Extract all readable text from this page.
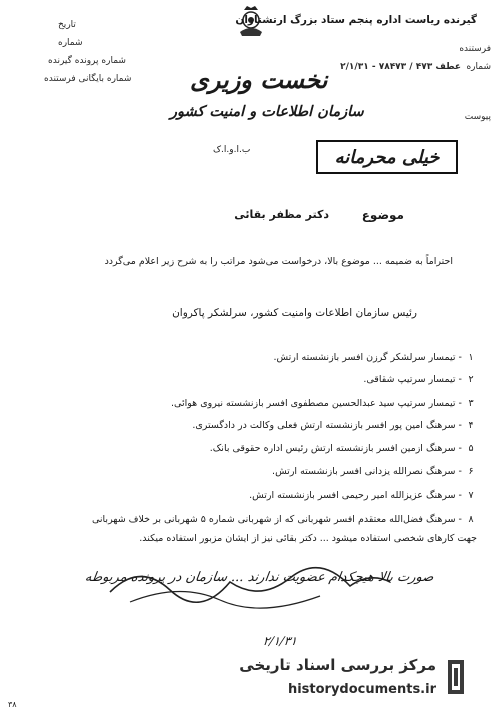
گیرنده ریاست اداره پنجم ستاد بزرگ ارتشتاران
تاریخ
شماره
شماره پرونده گیرنده
شماره بایگانی فرستنده
فرستنده
شماره
پیوست
عطف ۴۷۳ / ۷۸۴۷۳ - ۲/۱/۳۱
نخست وزیری
سازمان اطلاعات و امنیت کشور
ب.ا.و.ا.ک	خیلی محرمانه
موضوع
دکتر مظفر بقائی
احتراماً به ضمیمه ... موضوع بالا، درخواست می‌شود مراتب را به شرح زیر اعلام می‌گردد
رئیس سازمان اطلاعات وامنیت کشور، سرلشکر پاکروان
۱ - تیمسار سرلشکر گرزن افسر بازنشسته ارتش.
۲ - تیمسار سرتیپ شقاقی.
۳ - تیمسار سرتیپ سید عبدالحسین مصطفوی افسر بازنشسته نیروی هوائی.
۴ - سرهنگ امین پور افسر بازنشسته ارتش فعلی وکالت در دادگستری.
۵ - سرهنگ ازمین افسر بازنشسته ارتش رئیس اداره حقوقی بانک.
۶ - سرهنگ نصرالله یزدانی افسر بازنشسته ارتش.
۷ - سرهنگ عزیزالله امیر رحیمی افسر بازنشسته ارتش.
۸ - سرهنگ فضل‌الله معتقدم افسر شهربانی که از شهربانی شماره ۵ شهربانی بر خلاف شهربانی
جهت کارهای شخصی استفاده میشود ... دکتر بقائی نیز از ایشان مزبور استفاده میکند.
صورت بالا هیچکدام عضویت ندارند ... سازمان در پرونده مربوطه
۲/۱/۳۱
۳۸
مرکز بررسی اسناد تاریخی
historydocuments.ir
